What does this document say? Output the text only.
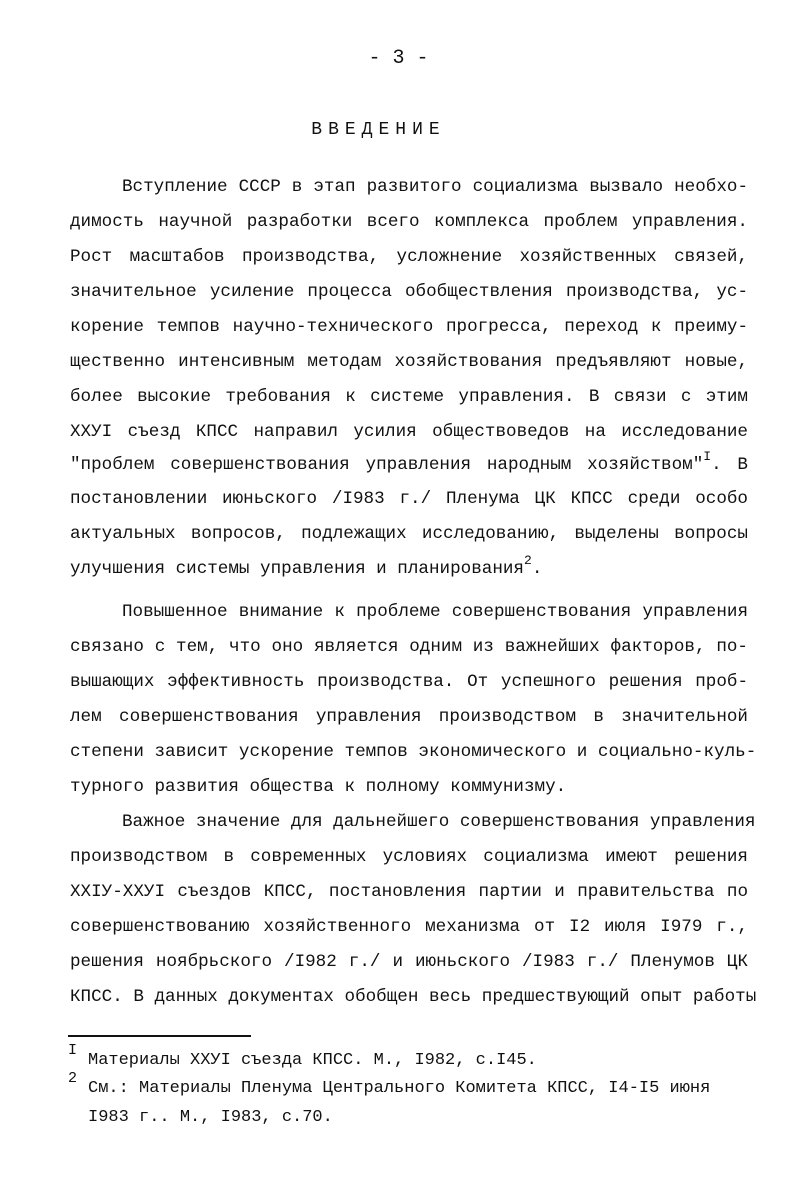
- 3 -
ВВЕДЕНИЕ
Вступление СССР в этап развитого социализма вызвало необхо-
димость научной разработки всего комплекса проблем управления.
Рост масштабов производства, усложнение хозяйственных связей,
значительное усиление процесса обобществления производства, ус-
корение темпов научно-технического прогресса, переход к преиму-
щественно интенсивным методам хозяйствования предъявляют новые,
более высокие требования к системе управления. В связи с этим
XXУI съезд КПСС направил усилия обществоведов на исследование
"проблем совершенствования управления народным хозяйством"$^I$. В
постановлении июньского /I983 г./ Пленума ЦК КПСС среди особо
актуальных вопросов, подлежащих исследованию, выделены вопросы
улучшения системы управления и планирования$^2$.
Повышенное внимание к проблеме совершенствования управления
связано с тем, что оно является одним из важнейших факторов, по-
вышающих эффективность производства. От успешного решения проб-
лем совершенствования управления производством в значительной
степени зависит ускорение темпов экономического и социально-куль-
турного развития общества к полному коммунизму.
Важное значение для дальнейшего совершенствования управления
производством в современных условиях социализма имеют решения
XXIУ-XXУI съездов КПСС, постановления партии и правительства по
совершенствованию хозяйственного механизма от I2 июля I979 г.,
решения ноябрьского /I982 г./ и июньского /I983 г./ Пленумов ЦК
КПСС. В данных документах обобщен весь предшествующий опыт работы
I
Материалы XXУI съезда КПСС. М., I982, с.I45.
2
См.: Материалы Пленума Центрального Комитета КПСС, I4-I5 июня
I983 г.. М., I983, с.70.
